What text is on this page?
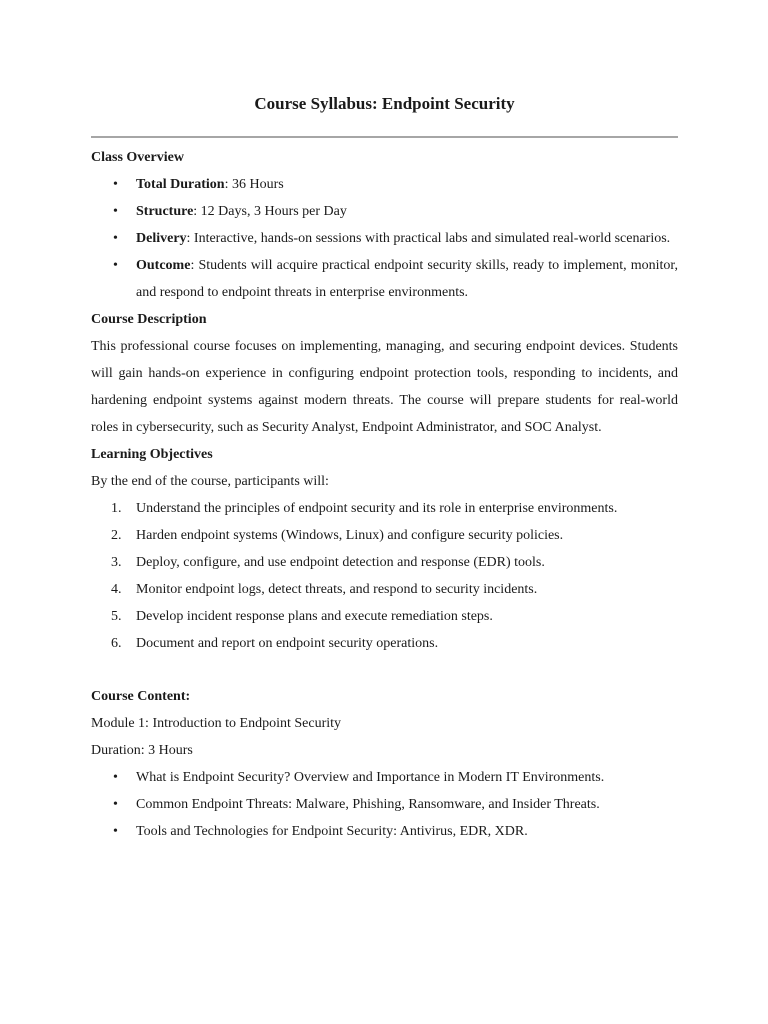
Course Syllabus: Endpoint Security

Class Overview

• Total Duration: 36 Hours
• Structure: 12 Days, 3 Hours per Day
• Delivery: Interactive, hands-on sessions with practical labs and simulated real-world scenarios.
• Outcome: Students will acquire practical endpoint security skills, ready to implement, monitor, and respond to endpoint threats in enterprise environments.

Course Description

This professional course focuses on implementing, managing, and securing endpoint devices. Students will gain hands-on experience in configuring endpoint protection tools, responding to incidents, and hardening endpoint systems against modern threats. The course will prepare students for real-world roles in cybersecurity, such as Security Analyst, Endpoint Administrator, and SOC Analyst.

Learning Objectives

By the end of the course, participants will:

1. Understand the principles of endpoint security and its role in enterprise environments.
2. Harden endpoint systems (Windows, Linux) and configure security policies.
3. Deploy, configure, and use endpoint detection and response (EDR) tools.
4. Monitor endpoint logs, detect threats, and respond to security incidents.
5. Develop incident response plans and execute remediation steps.
6. Document and report on endpoint security operations.

Course Content:

Module 1: Introduction to Endpoint Security

Duration: 3 Hours

• What is Endpoint Security? Overview and Importance in Modern IT Environments.
• Common Endpoint Threats: Malware, Phishing, Ransomware, and Insider Threats.
• Tools and Technologies for Endpoint Security: Antivirus, EDR, XDR.
